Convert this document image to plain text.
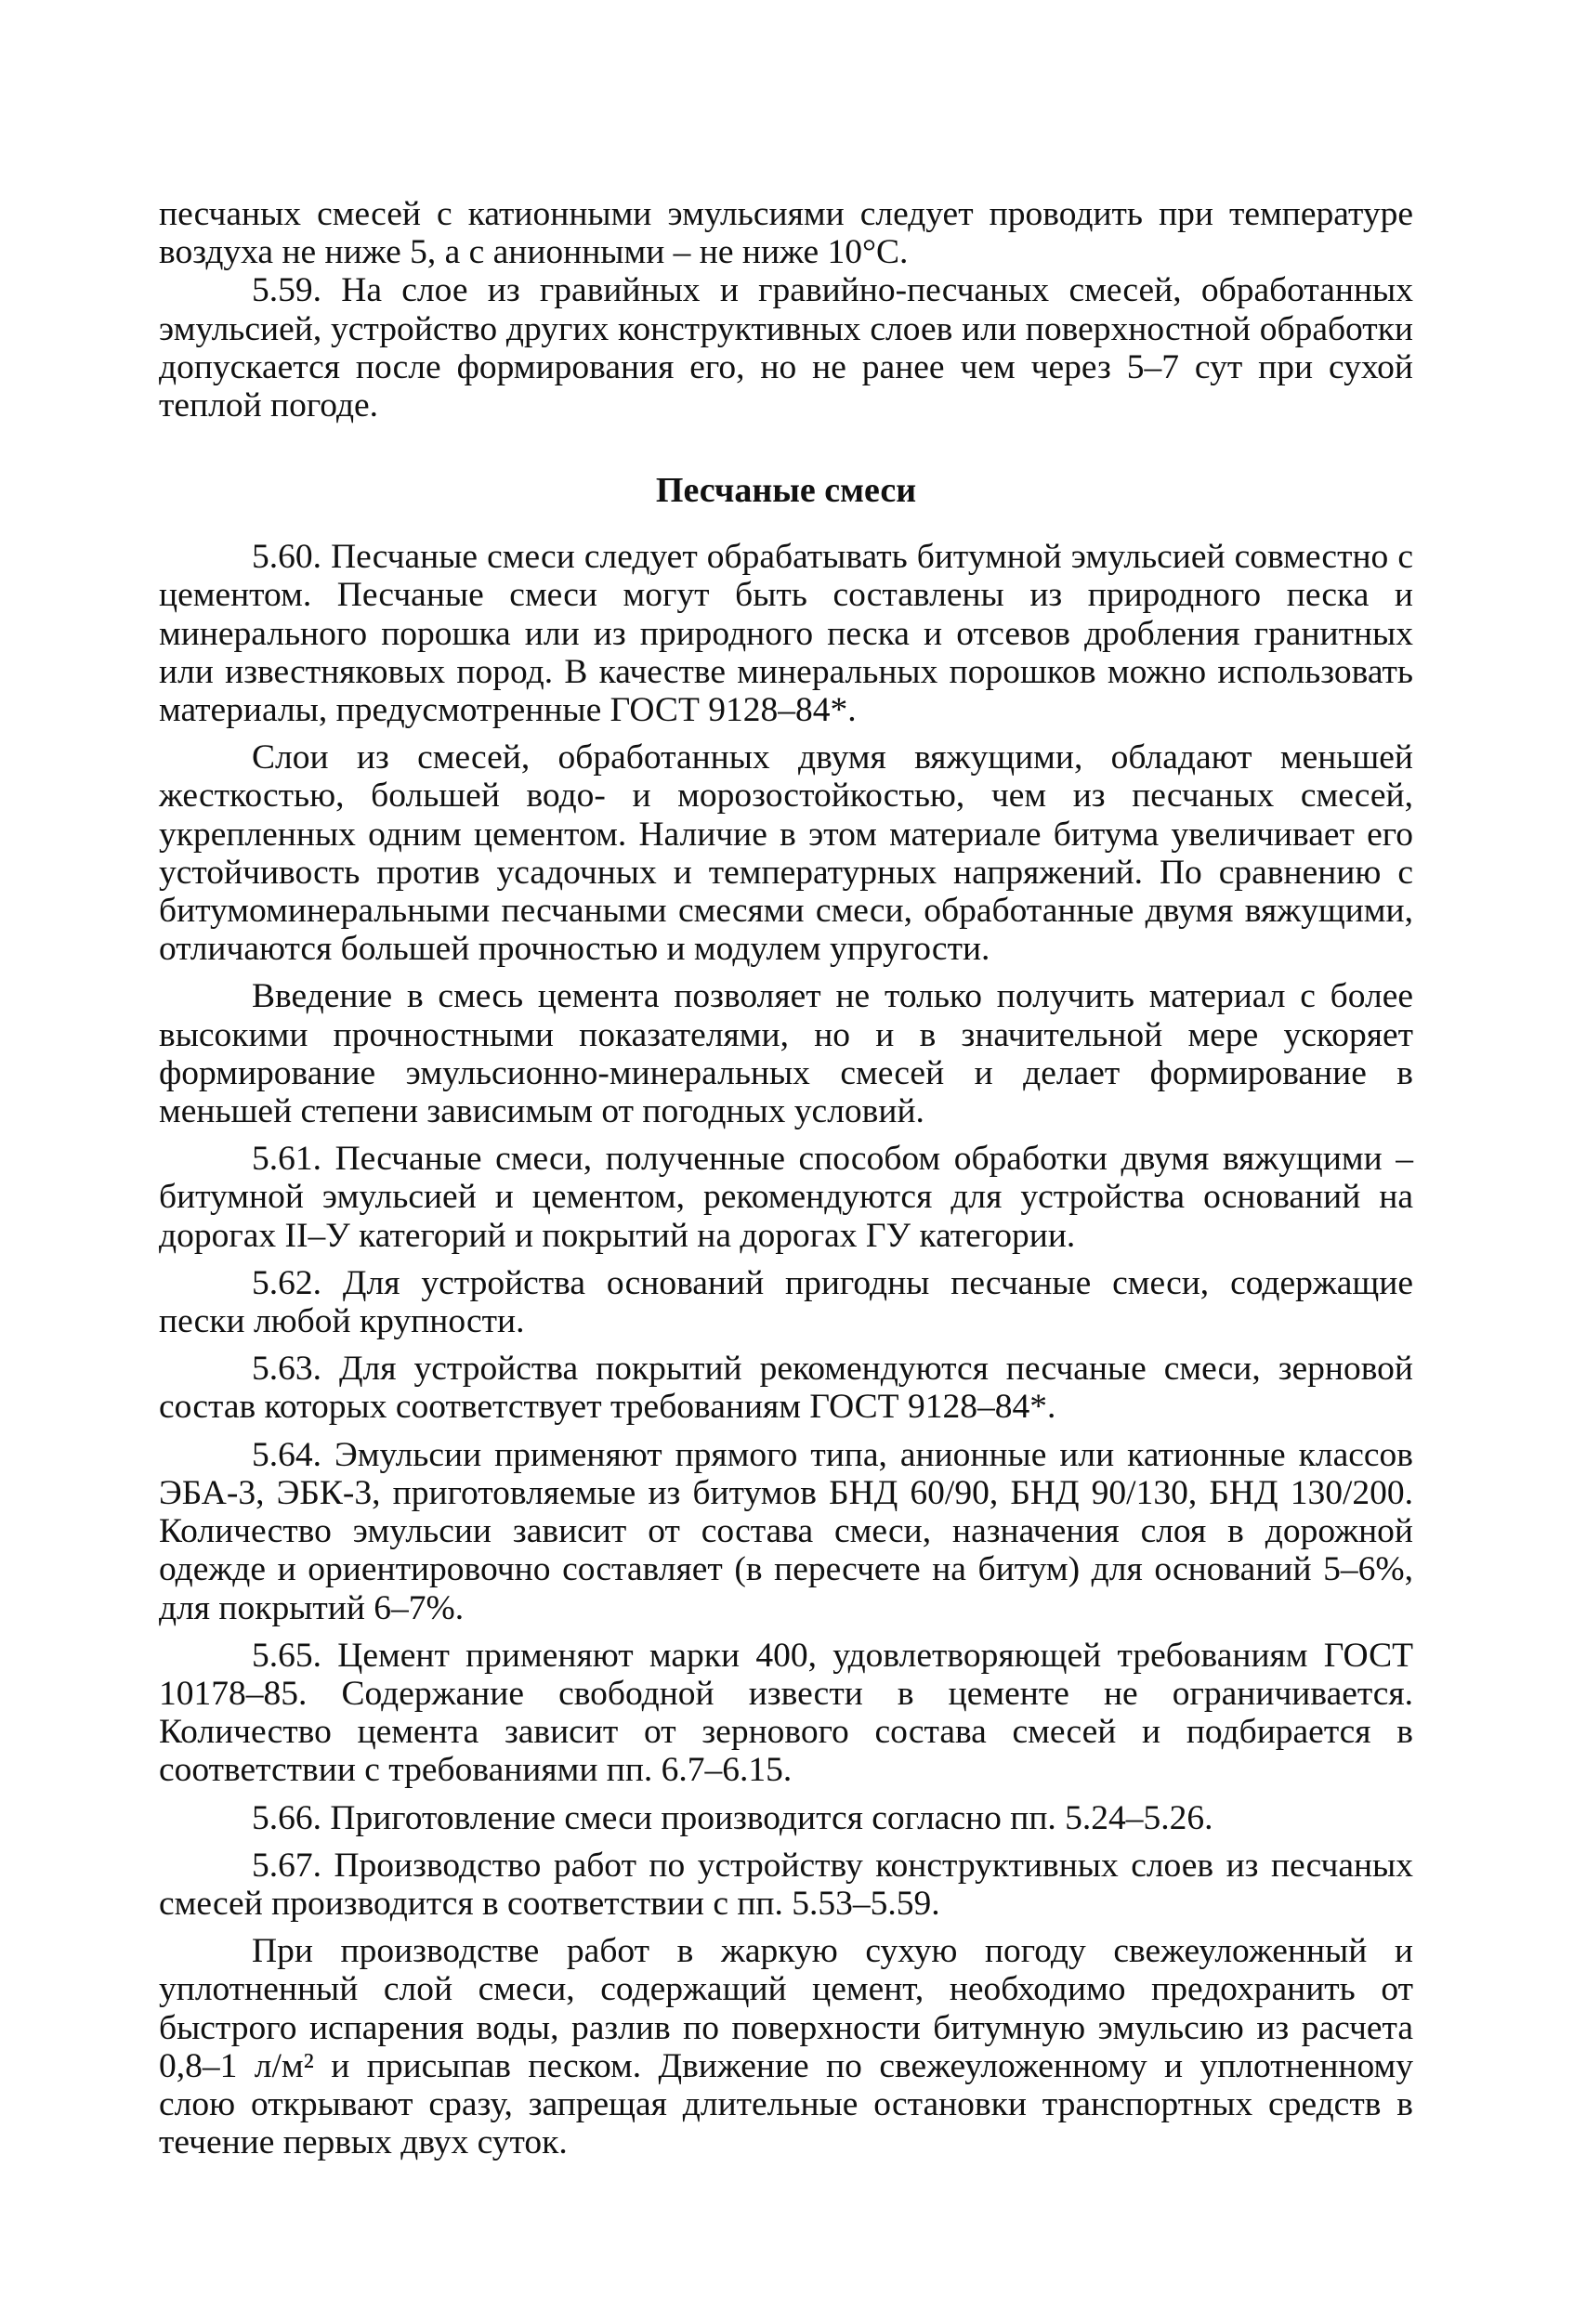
песчаных смесей с катионными эмульсиями следует проводить при температуре воздуха не ниже 5, а с анионными – не ниже 10°С.

5.59. На слое из гравийных и гравийно-песчаных смесей, обработанных эмульсией, устройство других конструктивных слоев или поверхностной обработки допускается после формирования его, но не ранее чем через 5–7 сут при сухой теплой погоде.

Песчаные смеси

5.60. Песчаные смеси следует обрабатывать битумной эмульсией совместно с цементом. Песчаные смеси могут быть составлены из природного песка и минерального порошка или из природного песка и отсевов дробления гранитных или известняковых пород. В качестве минеральных порошков можно использовать материалы, предусмотренные ГОСТ 9128–84*.

Слои из смесей, обработанных двумя вяжущими, обладают меньшей жесткостью, большей водо- и морозостойкостью, чем из песчаных смесей, укрепленных одним цементом. Наличие в этом материале битума увеличивает его устойчивость против усадочных и температурных напряжений. По сравнению с битумоминеральными песчаными смесями смеси, обработанные двумя вяжущими, отличаются большей прочностью и модулем упругости.

Введение в смесь цемента позволяет не только получить материал с более высокими прочностными показателями, но и в значительной мере ускоряет формирование эмульсионно-минеральных смесей и делает формирование в меньшей степени зависимым от погодных условий.

5.61. Песчаные смеси, полученные способом обработки двумя вяжущими – битумной эмульсией и цементом, рекомендуются для устройства оснований на дорогах II–У категорий и покрытий на дорогах ГУ категории.

5.62. Для устройства оснований пригодны песчаные смеси, содержащие пески любой крупности.

5.63. Для устройства покрытий рекомендуются песчаные смеси, зерновой состав которых соответствует требованиям ГОСТ 9128–84*.

5.64. Эмульсии применяют прямого типа, анионные или катионные классов ЭБА-3, ЭБК-3, приготовляемые из битумов БНД 60/90, БНД 90/130, БНД 130/200. Количество эмульсии зависит от состава смеси, назначения слоя в дорожной одежде и ориентировочно составляет (в пересчете на битум) для оснований 5–6%, для покрытий 6–7%.

5.65. Цемент применяют марки 400, удовлетворяющей требованиям ГОСТ 10178–85. Содержание свободной извести в цементе не ограничивается. Количество цемента зависит от зернового состава смесей и подбирается в соответствии с требованиями пп. 6.7–6.15.

5.66. Приготовление смеси производится согласно пп. 5.24–5.26.

5.67. Производство работ по устройству конструктивных слоев из песчаных смесей производится в соответствии с пп. 5.53–5.59.

При производстве работ в жаркую сухую погоду свежеуложенный и уплотненный слой смеси, содержащий цемент, необходимо предохранить от быстрого испарения воды, разлив по поверхности битумную эмульсию из расчета 0,8–1 л/м² и присыпав песком. Движение по свежеуложенному и уплотненному слою открывают сразу, запрещая длительные остановки транспортных средств в течение первых двух суток.
